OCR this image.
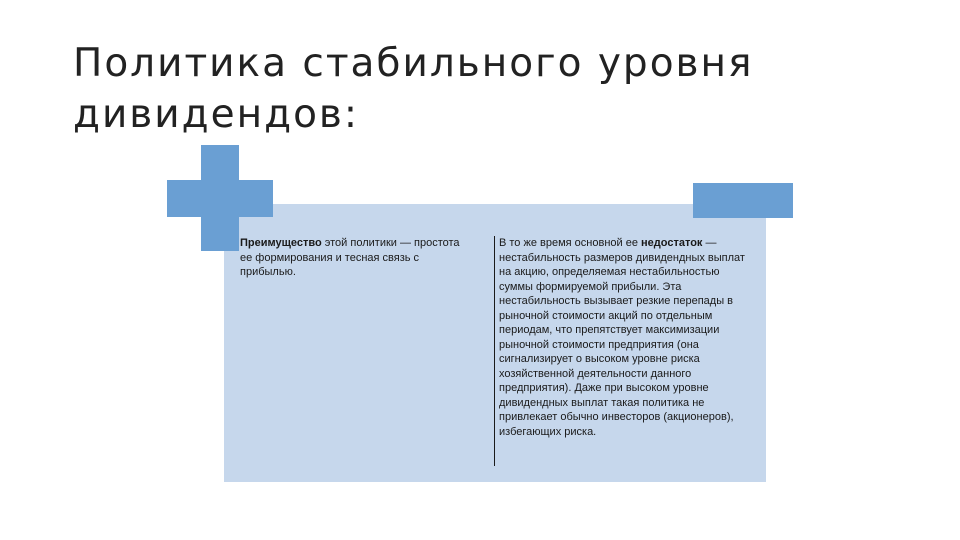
Политика стабильного уровня дивидендов:
Преимущество этой политики — простота ее формирования и тесная связь с прибылью.
В то же время основной ее недостаток — нестабильность размеров дивидендных выплат на акцию, определяемая нестабильностью суммы формируемой прибыли. Эта нестабильность вызывает резкие перепады в рыночной стоимости акций по отдельным периодам, что препятствует максимизации рыночной стоимости предприятия (она сигнализирует о высоком уровне риска хозяйственной деятельности данного предприятия). Даже при высоком уровне дивидендных выплат такая политика не привлекает обычно инвесторов (акционеров), избегающих риска.
